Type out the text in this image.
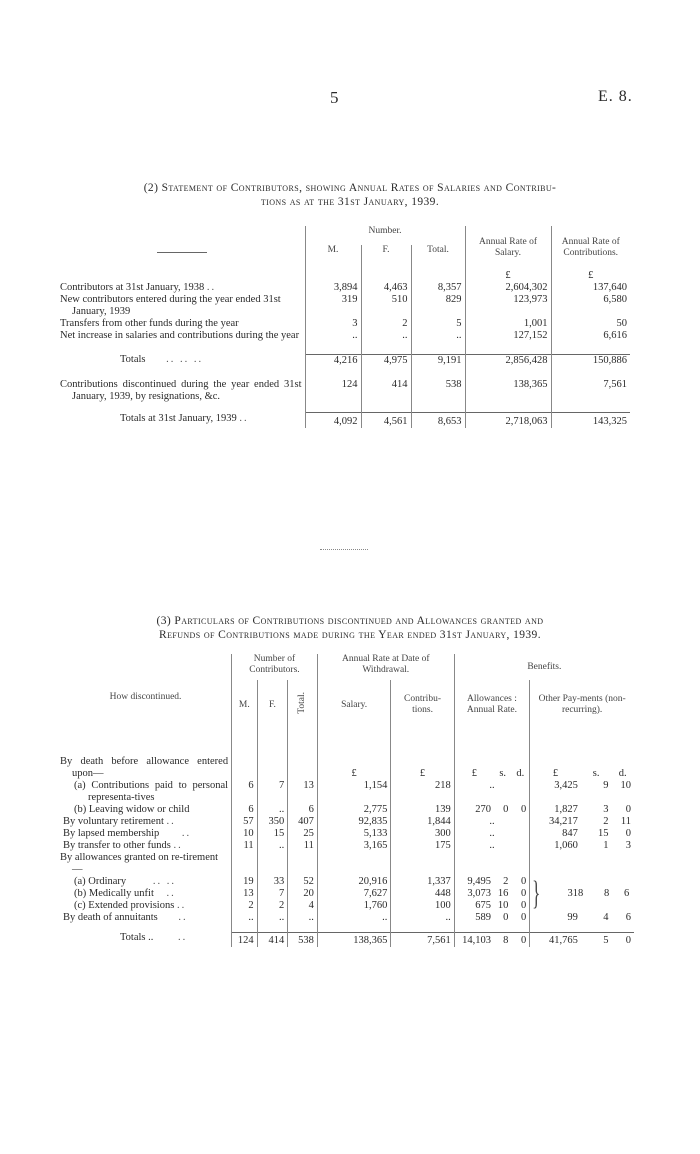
5	E. 8.
(2) Statement of Contributors, showing Annual Rates of Salaries and Contribu-
tions as at the 31st January, 1939.
	Number.			Annual Rate of Salary.	Annual Rate of Contributions.
	M.	F.	Total.		
				£	£
Contributors at 31st January, 1938 ..	3,894	4,463	8,357	2,604,302	137,640
New contributors entered during the year ended 31st January, 1939	319	510	829	123,973	6,580
Transfers from other funds during the year	3	2	5	1,001	50
Net increase in salaries and contributions during the year	..	..	..	127,152	6,616

Totals .. .. ..	4,216	4,975	9,191	2,856,428	150,886

Contributions discontinued during the year ended 31st January, 1939, by resignations, &c.	124	414	538	138,365	7,561

Totals at 31st January, 1939 ..	4,092	4,561	8,653	2,718,063	143,325
(3) Particulars of Contributions discontinued and Allowances granted and
Refunds of Contributions made during the Year ended 31st January, 1939.
How discontinued.	Number of Contributors.			Annual Rate at Date of Withdrawal.		Benefits.					
	M.	F.	Total.	Salary.	Contribu-tions.	Allowances : Annual Rate.			Other Pay-ments (non-recurring).		

By death before allowance entered upon—				£	£	£	s.	d.	£	s.	d.
(a) Contributions paid to personal representa-tives	6	7	13	1,154	218	..			3,425	9	10
(b) Leaving widow or child	6	..	6	2,775	139	270	0	0	1,827	3	0
By voluntary retirement ..	57	350	407	92,835	1,844	..			34,217	2	11
By lapsed membership ..	10	15	25	5,133	300	..			847	15	0
By transfer to other funds ..	11	..	11	3,165	175	..			1,060	1	3
By allowances granted on re-tirement—											
(a) Ordinary .. ..	19	33	52	20,916	1,337	9,495	2	0	} 318 8 6		
(b) Medically unfit ..	13	7	20	7,627	448	3,073	16	0			
(c) Extended provisions ..	2	2	4	1,760	100	675	10	0			
By death of annuitants ..	..	..	..	..	..	589	0	0	99	4	6

Totals .. ..	124	414	538	138,365	7,561	14,103	8	0	41,765	5	0
